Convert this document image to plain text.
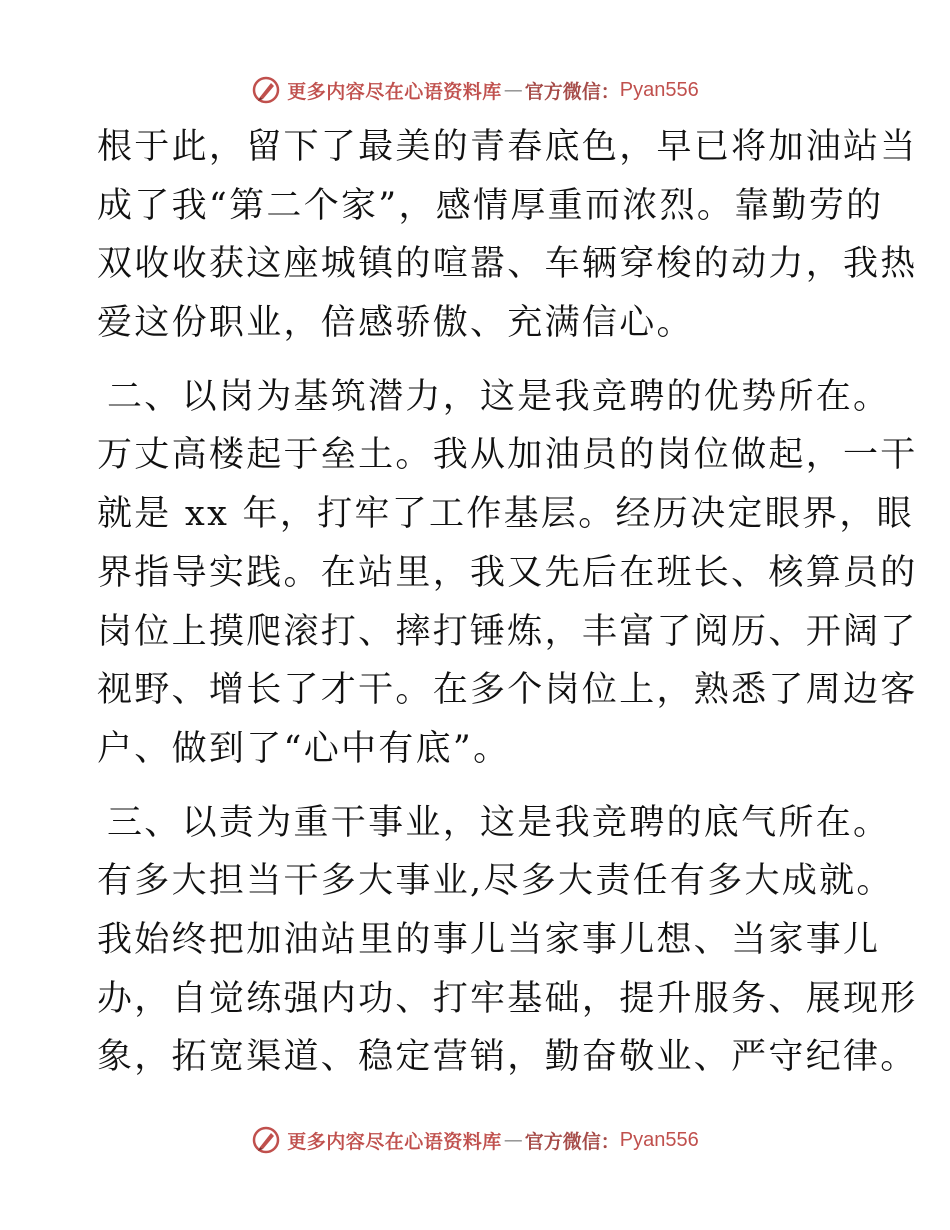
更多内容尽在心语资料库 — 官方微信： Pyan556
根于此，留下了最美的青春底色，早已将加油站当
成了我“第二个家”，感情厚重而浓烈。靠勤劳的
双收收获这座城镇的喧嚣、车辆穿梭的动力，我热
爱这份职业，倍感骄傲、充满信心。
二、以岗为基筑潜力，这是我竞聘的优势所在。
万丈高楼起于垒土。我从加油员的岗位做起，一干
就是 xx 年，打牢了工作基层。经历决定眼界，眼
界指导实践。在站里，我又先后在班长、核算员的
岗位上摸爬滚打、摔打锤炼，丰富了阅历、开阔了
视野、增长了才干。在多个岗位上，熟悉了周边客
户、做到了“心中有底”。
三、以责为重干事业，这是我竞聘的底气所在。
有多大担当干多大事业,尽多大责任有多大成就。
我始终把加油站里的事儿当家事儿想、当家事儿
办，自觉练强内功、打牢基础，提升服务、展现形
象，拓宽渠道、稳定营销，勤奋敬业、严守纪律。
更多内容尽在心语资料库 — 官方微信： Pyan556
